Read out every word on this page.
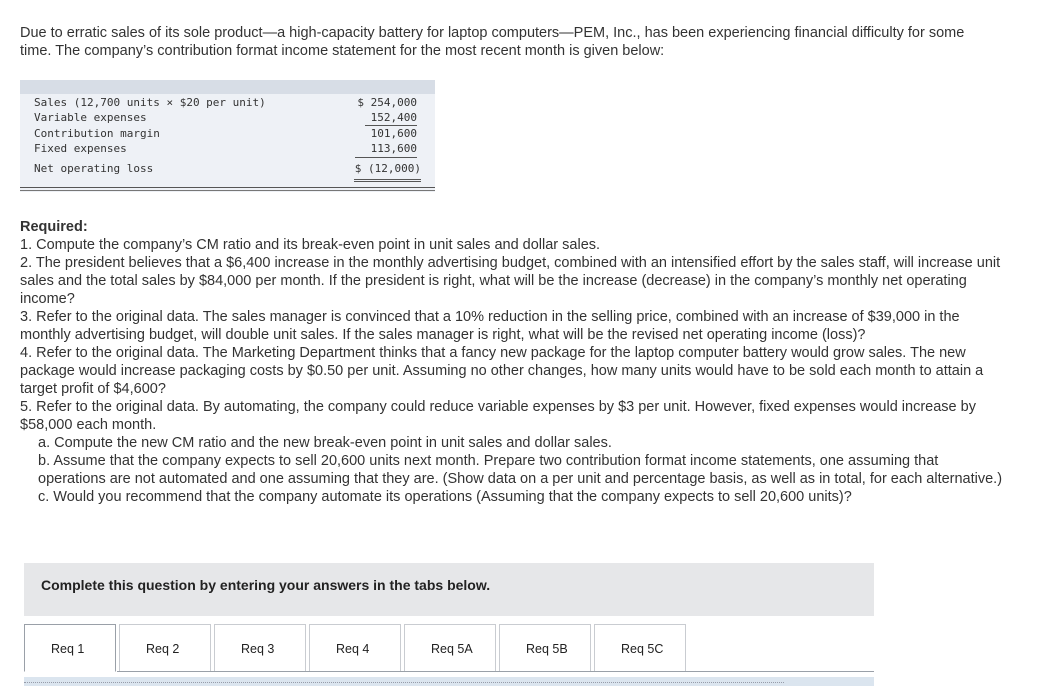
Due to erratic sales of its sole product—a high-capacity battery for laptop computers—PEM, Inc., has been experiencing financial difficulty for some time. The company’s contribution format income statement for the most recent month is given below:
Sales (12,700 units × $20 per unit)	$ 254,000
Variable expenses	152,400
Contribution margin	101,600
Fixed expenses	113,600
Net operating loss	$ (12,000)

Required:

1. Compute the company’s CM ratio and its break-even point in unit sales and dollar sales.

2. The president believes that a $6,400 increase in the monthly advertising budget, combined with an intensified effort by the sales staff, will increase unit sales and the total sales by $84,000 per month. If the president is right, what will be the increase (decrease) in the company’s monthly net operating income?

3. Refer to the original data. The sales manager is convinced that a 10% reduction in the selling price, combined with an increase of $39,000 in the monthly advertising budget, will double unit sales. If the sales manager is right, what will be the revised net operating income (loss)?

4. Refer to the original data. The Marketing Department thinks that a fancy new package for the laptop computer battery would grow sales. The new package would increase packaging costs by $0.50 per unit. Assuming no other changes, how many units would have to be sold each month to attain a target profit of $4,600?

5. Refer to the original data. By automating, the company could reduce variable expenses by $3 per unit. However, fixed expenses would increase by $58,000 each month.

a. Compute the new CM ratio and the new break-even point in unit sales and dollar sales.

b. Assume that the company expects to sell 20,600 units next month. Prepare two contribution format income statements, one assuming that operations are not automated and one assuming that they are. (Show data on a per unit and percentage basis, as well as in total, for each alternative.)

c. Would you recommend that the company automate its operations (Assuming that the company expects to sell 20,600 units)?

Complete this question by entering your answers in the tabs below.
Req 1	Req 2	Req 3	Req 4	Req 5A	Req 5B	Req 5C
